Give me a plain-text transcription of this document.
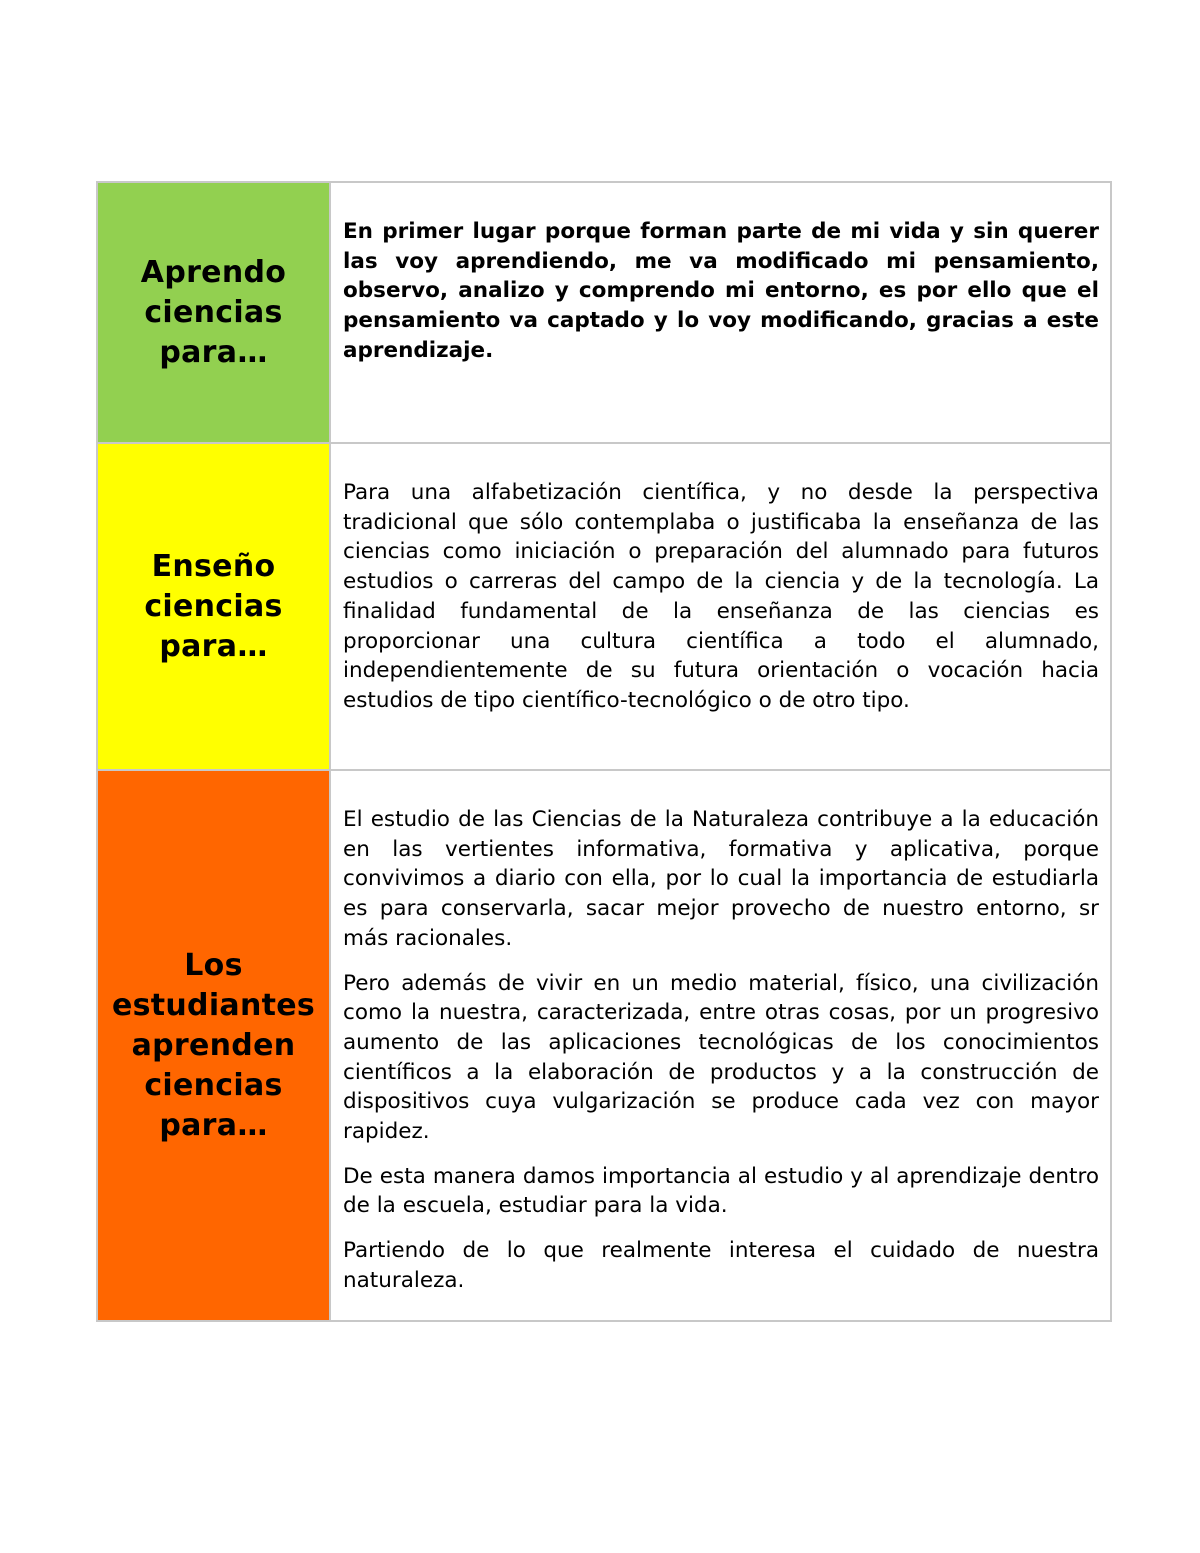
Aprendo ciencias para…	En primer lugar porque forman parte de mi vida y sin querer las voy aprendiendo, me va modificado mi pensamiento, observo, analizo y comprendo mi entorno, es por ello que el pensamiento va captado y lo voy modificando, gracias a este aprendizaje.

Enseño ciencias para…	Para una alfabetización científica, y no desde la perspectiva tradicional que sólo contemplaba o justificaba la enseñanza de las ciencias como iniciación o preparación del alumnado para futuros estudios o carreras del campo de la ciencia y de la tecnología. La finalidad fundamental de la enseñanza de las ciencias es proporcionar una cultura científica a todo el alumnado, independientemente de su futura orientación o vocación hacia estudios de tipo científico-tecnológico o de otro tipo.

Los estudiantes aprenden ciencias para…	El estudio de las Ciencias de la Naturaleza contribuye a la educación en las vertientes informativa, formativa y aplicativa, porque convivimos a diario con ella, por lo cual la importancia de estudiarla es para conservarla, sacar mejor provecho de nuestro entorno, sr más racionales.

Pero además de vivir en un medio material, físico, una civilización como la nuestra, caracterizada, entre otras cosas, por un progresivo aumento de las aplicaciones tecnológicas de los conocimientos científicos a la elaboración de productos y a la construcción de dispositivos cuya vulgarización se produce cada vez con mayor rapidez.

De esta manera damos importancia al estudio y al aprendizaje dentro de la escuela, estudiar para la vida.

Partiendo de lo que realmente interesa el cuidado de nuestra naturaleza.
